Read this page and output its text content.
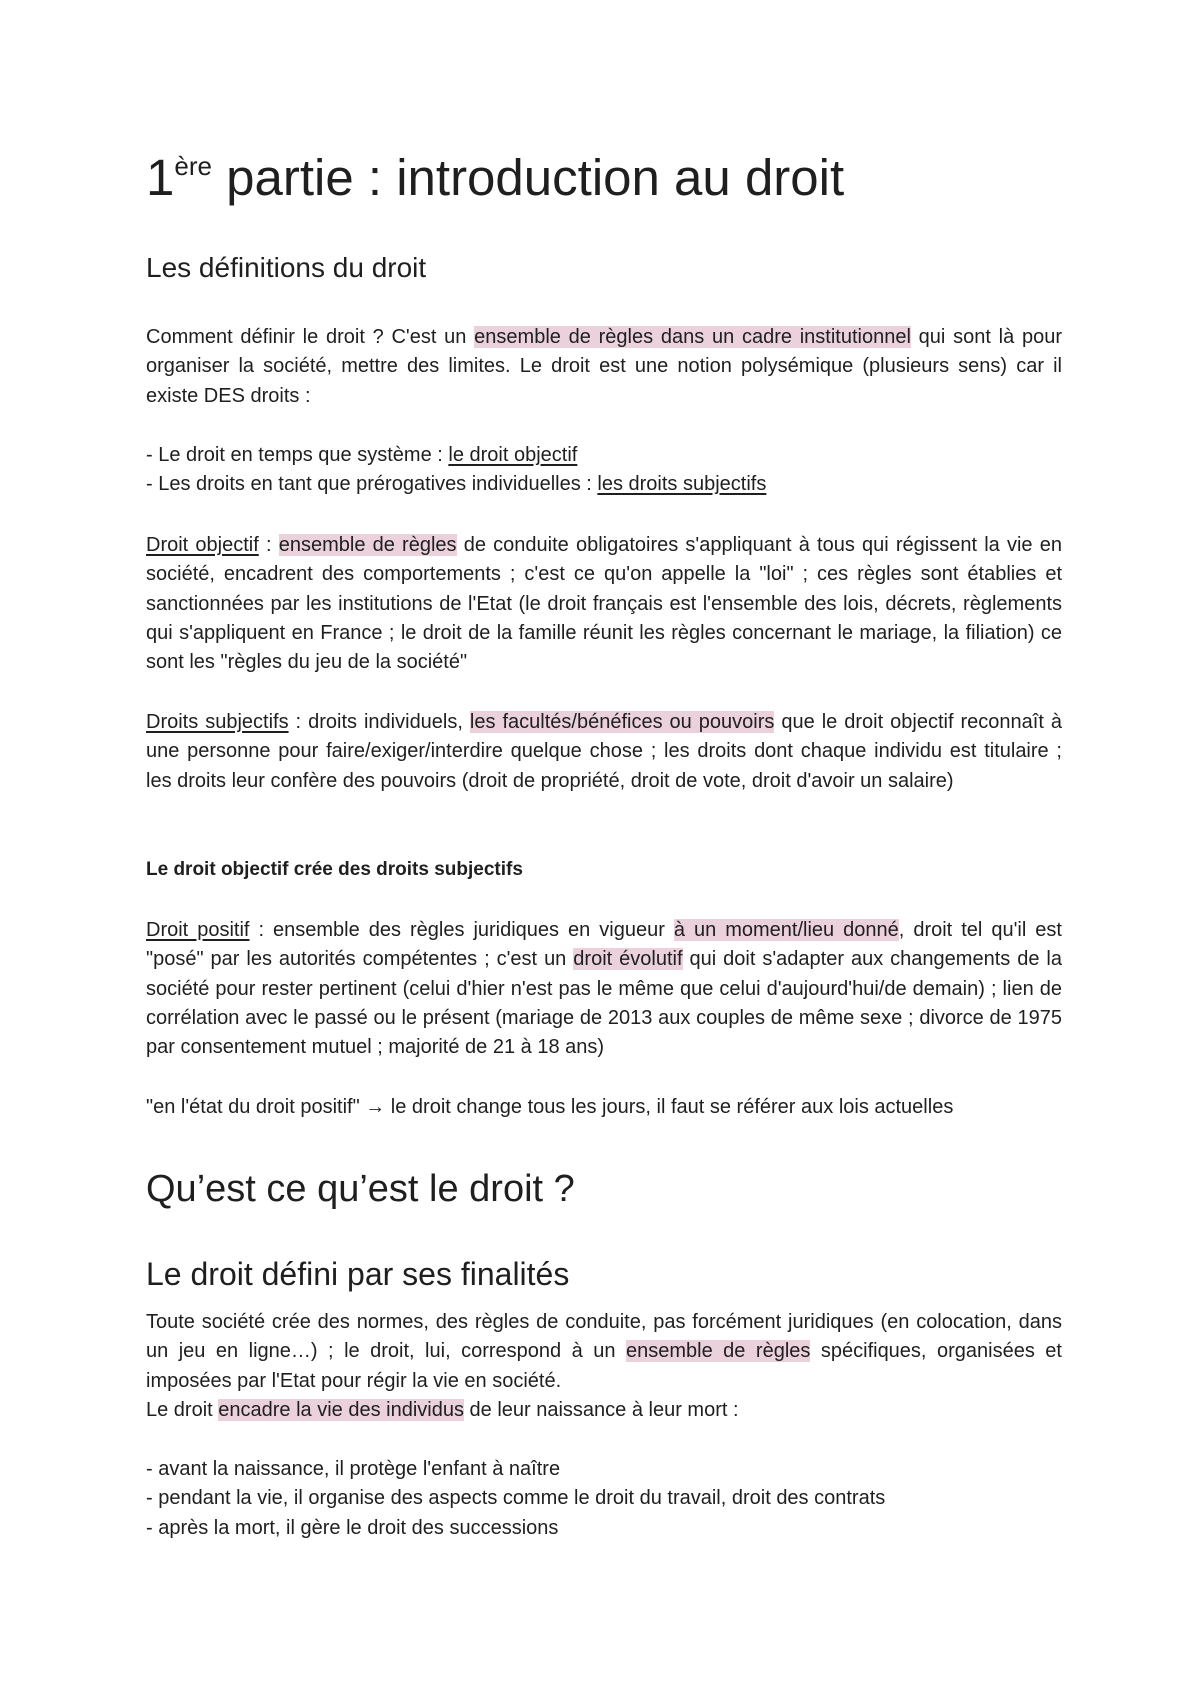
1ère partie : introduction au droit
Les définitions du droit

Comment définir le droit ? C'est un ensemble de règles dans un cadre institutionnel qui sont là pour organiser la société, mettre des limites. Le droit est une notion polysémique (plusieurs sens) car il existe DES droits :

- Le droit en temps que système : le droit objectif
- Les droits en tant que prérogatives individuelles : les droits subjectifs

Droit objectif : ensemble de règles de conduite obligatoires s'appliquant à tous qui régissent la vie en société, encadrent des comportements ; c'est ce qu'on appelle la "loi" ; ces règles sont établies et sanctionnées par les institutions de l'Etat (le droit français est l'ensemble des lois, décrets, règlements qui s'appliquent en France ; le droit de la famille réunit les règles concernant le mariage, la filiation) ce sont les "règles du jeu de la société"

Droits subjectifs : droits individuels, les facultés/bénéfices ou pouvoirs que le droit objectif reconnaît à une personne pour faire/exiger/interdire quelque chose ; les droits dont chaque individu est titulaire ; les droits leur confère des pouvoirs (droit de propriété, droit de vote, droit d'avoir un salaire)

Le droit objectif crée des droits subjectifs

Droit positif : ensemble des règles juridiques en vigueur à un moment/lieu donné, droit tel qu'il est "posé" par les autorités compétentes ; c'est un droit évolutif qui doit s'adapter aux changements de la société pour rester pertinent (celui d'hier n'est pas le même que celui d'aujourd'hui/de demain) ; lien de corrélation avec le passé ou le présent (mariage de 2013 aux couples de même sexe ; divorce de 1975 par consentement mutuel ; majorité de 21 à 18 ans)

"en l'état du droit positif" → le droit change tous les jours, il faut se référer aux lois actuelles

Qu’est ce qu’est le droit ?
Le droit défini par ses finalités

Toute société crée des normes, des règles de conduite, pas forcément juridiques (en colocation, dans un jeu en ligne…) ; le droit, lui, correspond à un ensemble de règles spécifiques, organisées et imposées par l'Etat pour régir la vie en société.

Le droit encadre la vie des individus de leur naissance à leur mort :

- avant la naissance, il protège l'enfant à naître
- pendant la vie, il organise des aspects comme le droit du travail, droit des contrats
- après la mort, il gère le droit des successions
